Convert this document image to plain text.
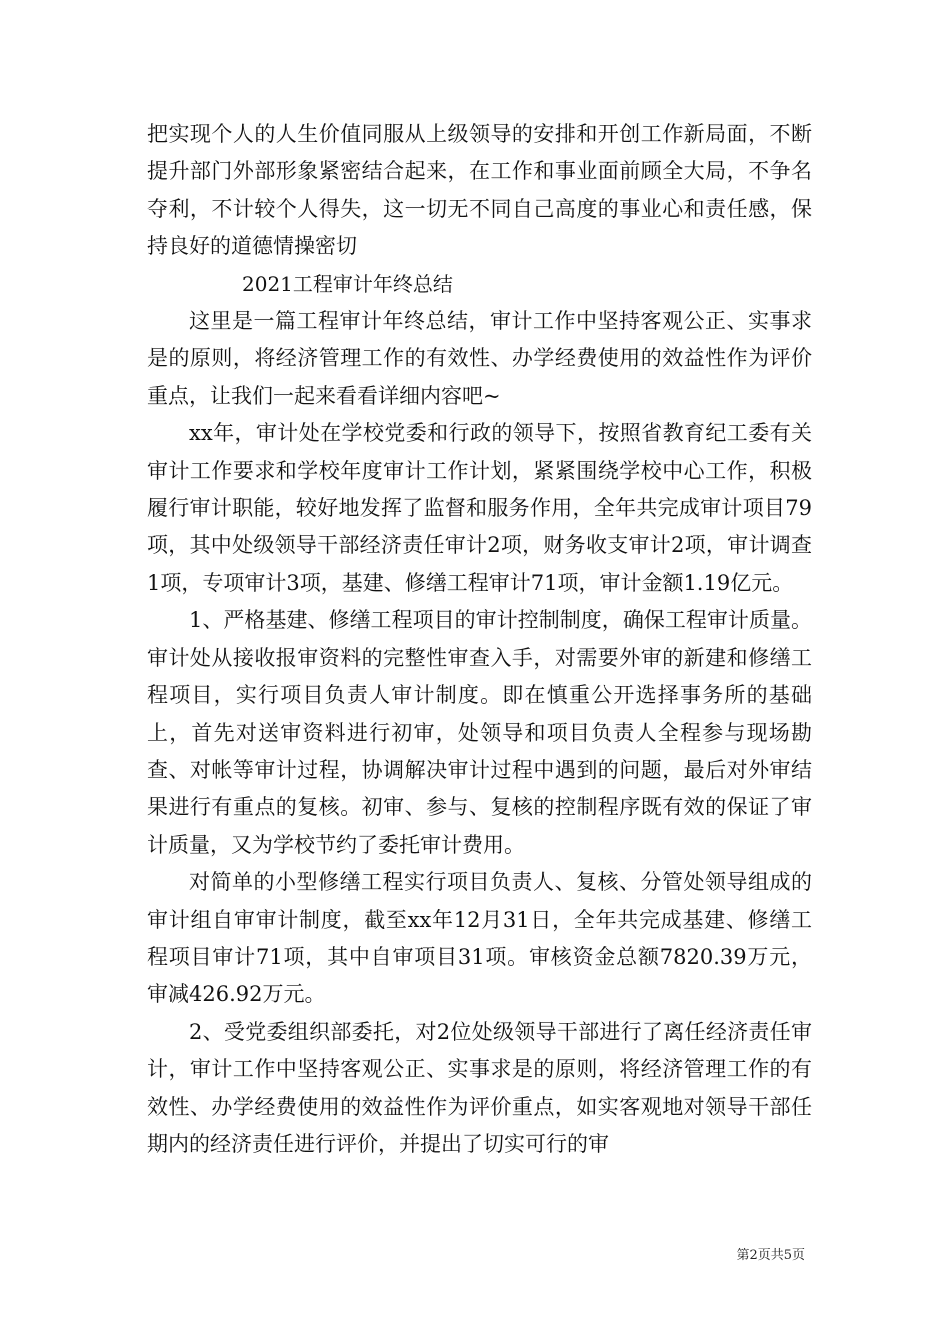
把实现个人的人生价值同服从上级领导的安排和开创工作新局面，不断提升部门外部形象紧密结合起来，在工作和事业面前顾全大局，不争名夺利，不计较个人得失，这一切无不同自己高度的事业心和责任感，保持良好的道德情操密切

2021工程审计年终总结

这里是一篇工程审计年终总结，审计工作中坚持客观公正、实事求是的原则，将经济管理工作的有效性、办学经费使用的效益性作为评价重点，让我们一起来看看详细内容吧~

xx年，审计处在学校党委和行政的领导下，按照省教育纪工委有关审计工作要求和学校年度审计工作计划，紧紧围绕学校中心工作，积极履行审计职能，较好地发挥了监督和服务作用，全年共完成审计项目79项，其中处级领导干部经济责任审计2项，财务收支审计2项，审计调查1项，专项审计3项，基建、修缮工程审计71项，审计金额1.19亿元。

1、严格基建、修缮工程项目的审计控制制度，确保工程审计质量。审计处从接收报审资料的完整性审查入手，对需要外审的新建和修缮工程项目，实行项目负责人审计制度。即在慎重公开选择事务所的基础上，首先对送审资料进行初审，处领导和项目负责人全程参与现场勘查、对帐等审计过程，协调解决审计过程中遇到的问题，最后对外审结果进行有重点的复核。初审、参与、复核的控制程序既有效的保证了审计质量，又为学校节约了委托审计费用。

对简单的小型修缮工程实行项目负责人、复核、分管处领导组成的审计组自审审计制度，截至xx年12月31日，全年共完成基建、修缮工程项目审计71项，其中自审项目31项。审核资金总额7820.39万元，审减426.92万元。

2、受党委组织部委托，对2位处级领导干部进行了离任经济责任审计，审计工作中坚持客观公正、实事求是的原则，将经济管理工作的有效性、办学经费使用的效益性作为评价重点，如实客观地对领导干部任期内的经济责任进行评价，并提出了切实可行的审

第2页共5页
